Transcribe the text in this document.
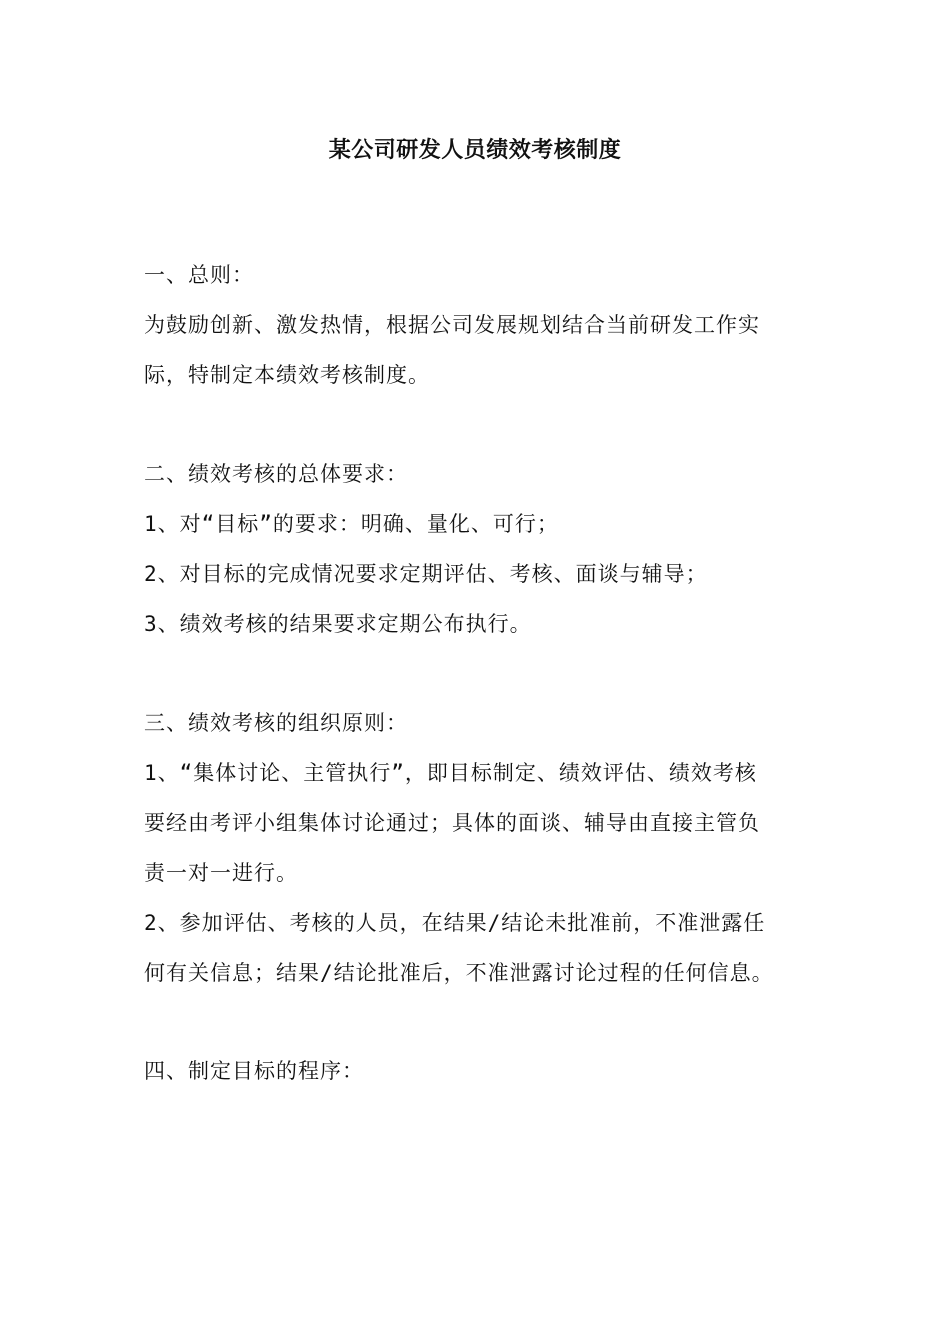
某公司研发人员绩效考核制度
一、总则：
为鼓励创新、激发热情，根据公司发展规划结合当前研发工作实
际，特制定本绩效考核制度。
二、绩效考核的总体要求：
1、对“目标”的要求：明确、量化、可行；
2、对目标的完成情况要求定期评估、考核、面谈与辅导；
3、绩效考核的结果要求定期公布执行。
三、绩效考核的组织原则：
1、“集体讨论、主管执行”，即目标制定、绩效评估、绩效考核
要经由考评小组集体讨论通过；具体的面谈、辅导由直接主管负
责一对一进行。
2、参加评估、考核的人员，在结果/结论未批准前，不准泄露任
何有关信息；结果/结论批准后，不准泄露讨论过程的任何信息。
四、制定目标的程序：
